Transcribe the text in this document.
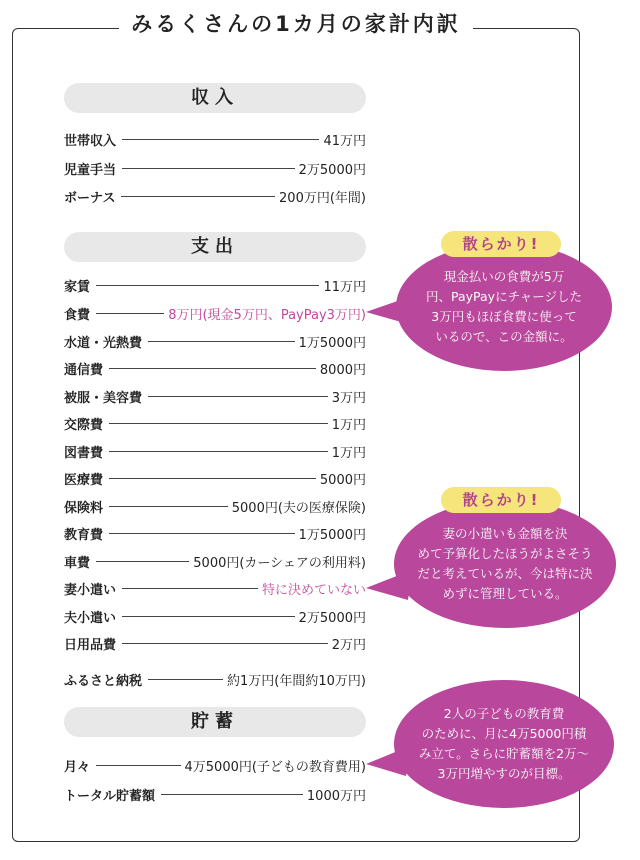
みるくさんの1カ月の家計内訳
収入
世帯収入	41万円
児童手当	2万5000円
ボーナス	200万円(年間)
支出
家賃	11万円
食費	8万円(現金5万円、PayPay3万円)
水道・光熱費	1万5000円
通信費	8000円
被服・美容費	3万円
交際費	1万円
図書費	1万円
医療費	5000円
保険料	5000円(夫の医療保険)
教育費	1万5000円
車費	5000円(カーシェアの利用料)
妻小遣い	特に決めていない
夫小遣い	2万5000円
日用品費	2万円
ふるさと納税	約1万円(年間約10万円)
貯蓄
月々	4万5000円(子どもの教育費用)
トータル貯蓄額	1000万円
散らかり!
現金払いの食費が5万
円、PayPayにチャージした
3万円もほぼ食費に使って
いるので、この金額に。
散らかり!
妻の小遣いも金額を決
めて予算化したほうがよさそう
だと考えているが、今は特に決
めずに管理している。
2人の子どもの教育費
のために、月に4万5000円積
み立て。さらに貯蓄額を2万〜
3万円増やすのが目標。
